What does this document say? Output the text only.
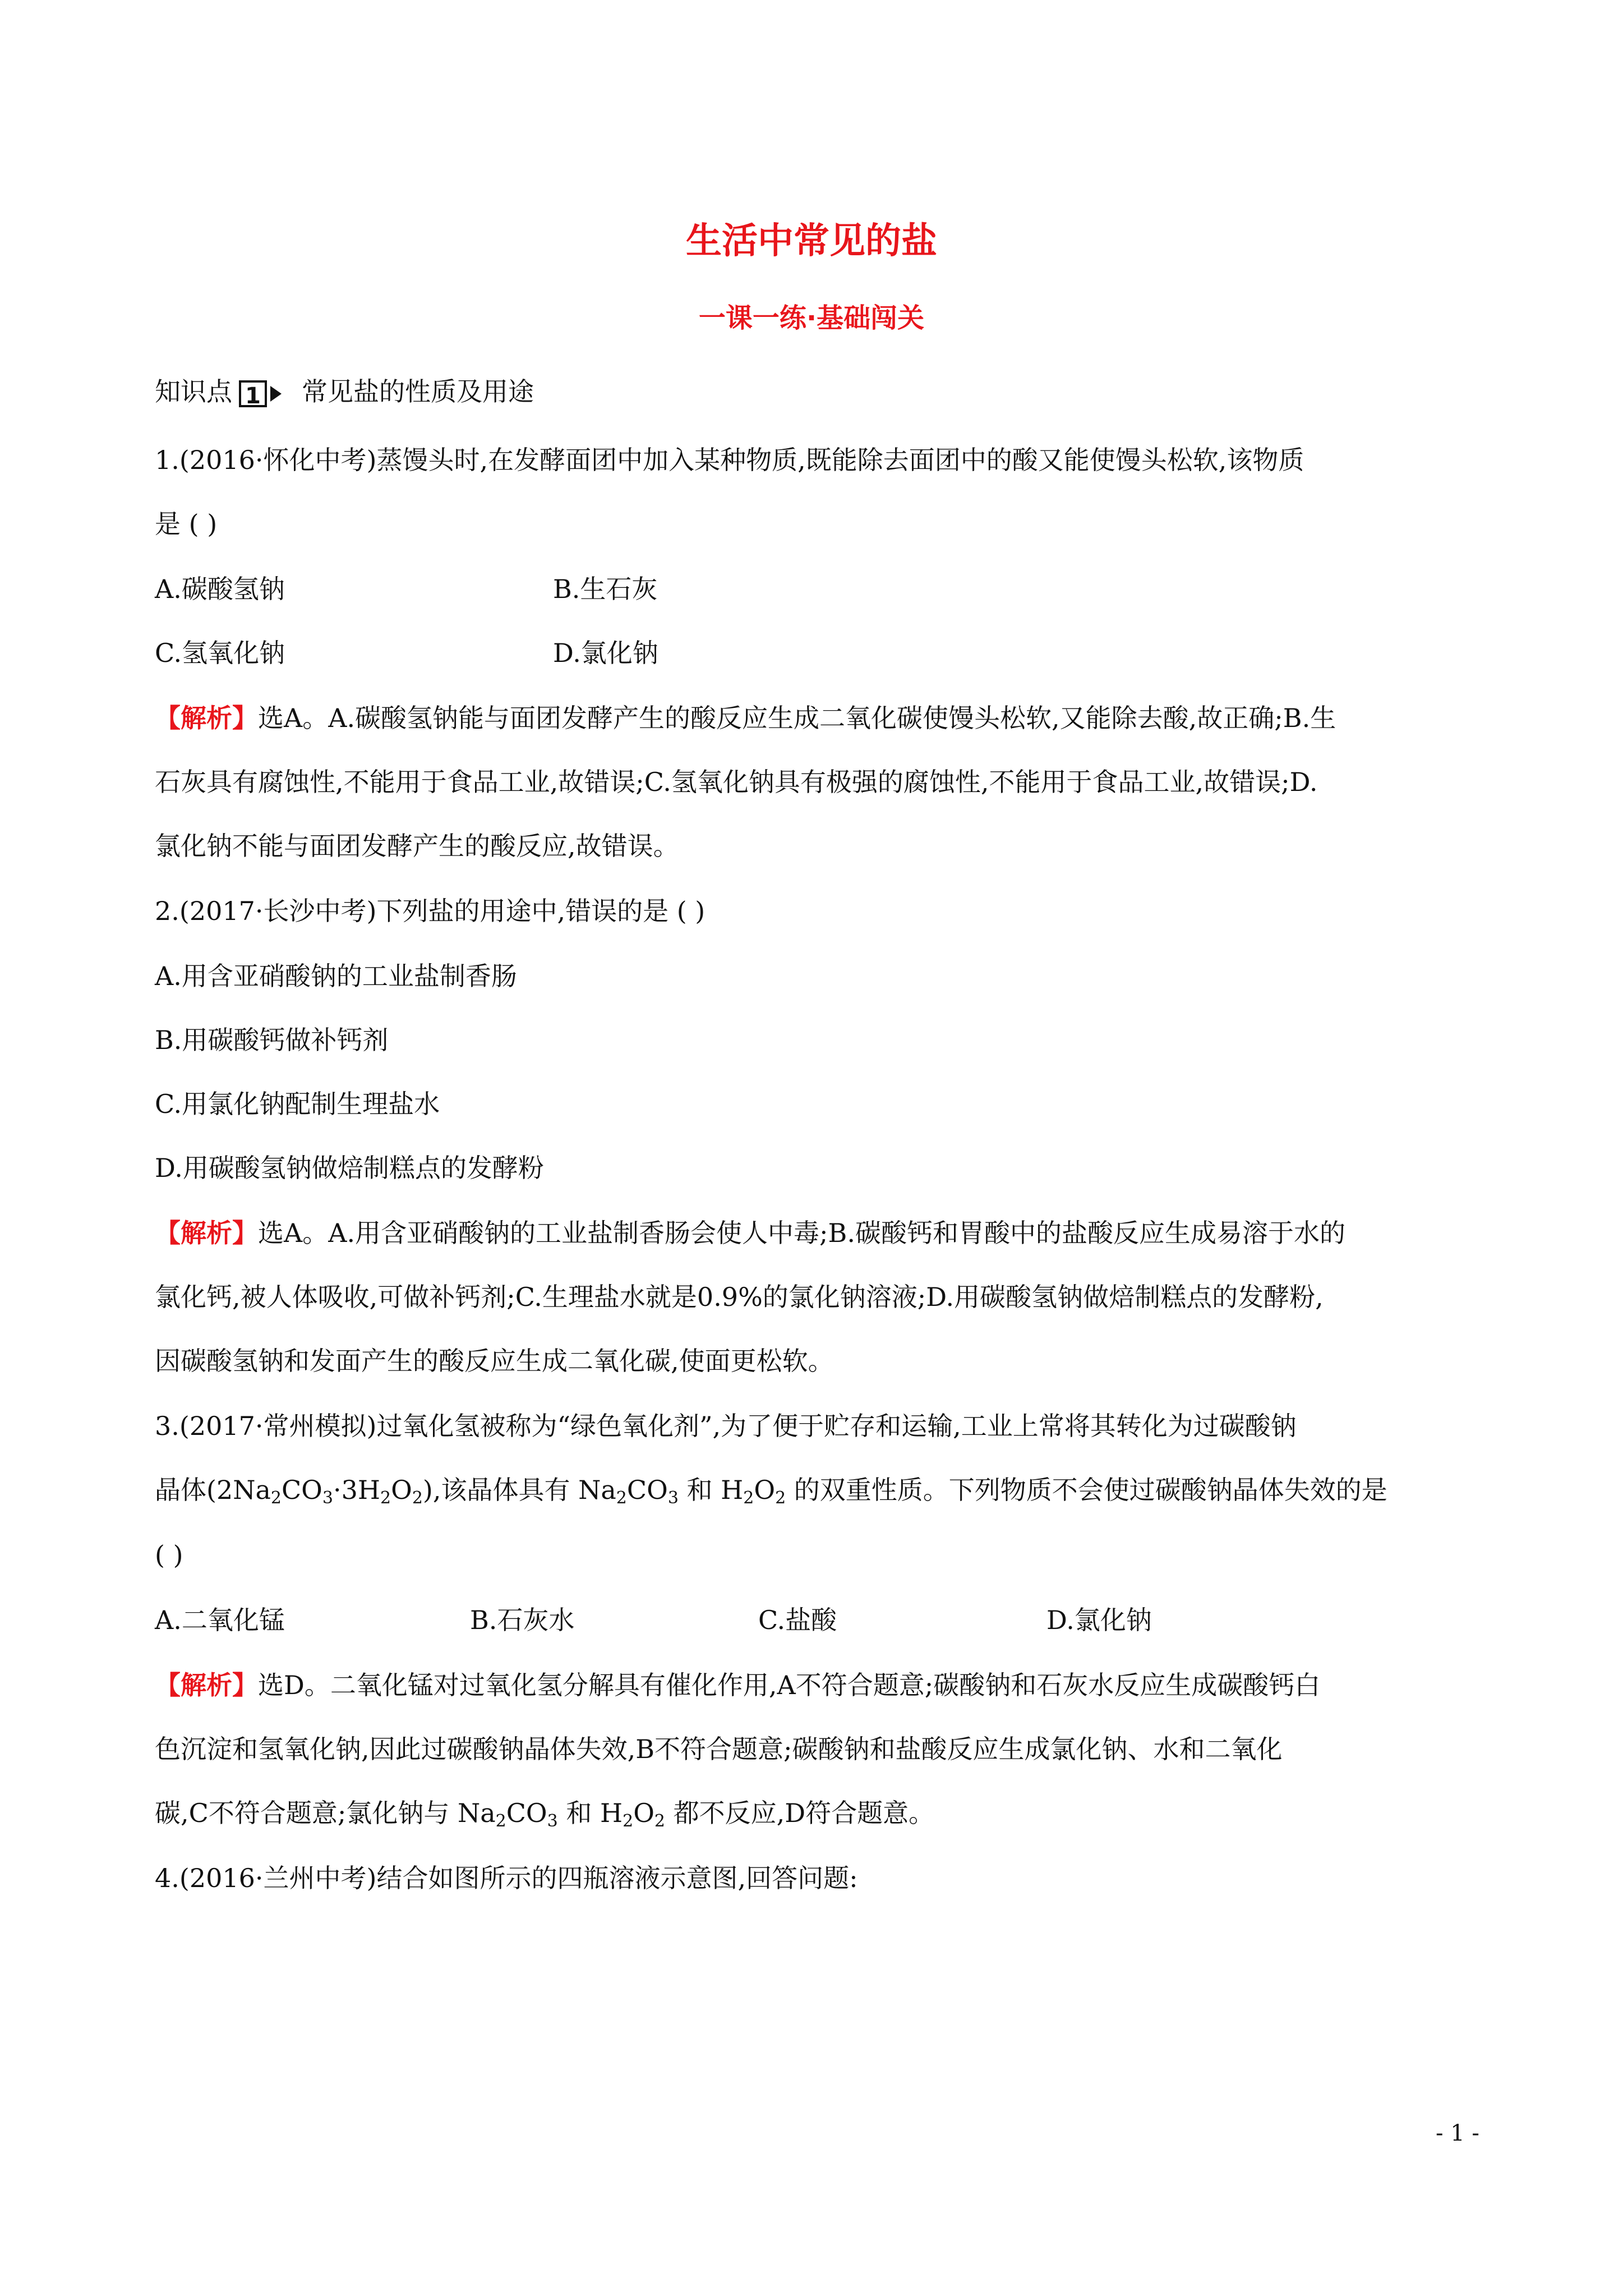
生活中常见的盐
一课一练·基础闯关
知识点 1 常见盐的性质及用途
1.(2016·怀化中考)蒸馒头时,在发酵面团中加入某种物质,既能除去面团中的酸又能使馒头松软,该物质
是 ( )
A.碳酸氢钠	B.生石灰
C.氢氧化钠	D.氯化钠
【解析】选A。A.碳酸氢钠能与面团发酵产生的酸反应生成二氧化碳使馒头松软,又能除去酸,故正确;B.生
石灰具有腐蚀性,不能用于食品工业,故错误;C.氢氧化钠具有极强的腐蚀性,不能用于食品工业,故错误;D.
氯化钠不能与面团发酵产生的酸反应,故错误。
2.(2017·长沙中考)下列盐的用途中,错误的是 ( )
A.用含亚硝酸钠的工业盐制香肠
B.用碳酸钙做补钙剂
C.用氯化钠配制生理盐水
D.用碳酸氢钠做焙制糕点的发酵粉
【解析】选A。A.用含亚硝酸钠的工业盐制香肠会使人中毒;B.碳酸钙和胃酸中的盐酸反应生成易溶于水的
氯化钙,被人体吸收,可做补钙剂;C.生理盐水就是0.9%的氯化钠溶液;D.用碳酸氢钠做焙制糕点的发酵粉,
因碳酸氢钠和发面产生的酸反应生成二氧化碳,使面更松软。
3.(2017·常州模拟)过氧化氢被称为“绿色氧化剂”,为了便于贮存和运输,工业上常将其转化为过碳酸钠
晶体$(2Na_2CO_3\cdot 3H_2O_2)$,该晶体具有 $Na_2CO_3$ 和 $H_2O_2$ 的双重性质。下列物质不会使过碳酸钠晶体失效的是
( )
A.二氧化锰	B.石灰水	C.盐酸	D.氯化钠
【解析】选D。二氧化锰对过氧化氢分解具有催化作用,A不符合题意;碳酸钠和石灰水反应生成碳酸钙白
色沉淀和氢氧化钠,因此过碳酸钠晶体失效,B不符合题意;碳酸钠和盐酸反应生成氯化钠、水和二氧化
碳,C不符合题意;氯化钠与 $Na_2CO_3$ 和 $H_2O_2$ 都不反应,D符合题意。
4.(2016·兰州中考)结合如图所示的四瓶溶液示意图,回答问题:
- 1 -
